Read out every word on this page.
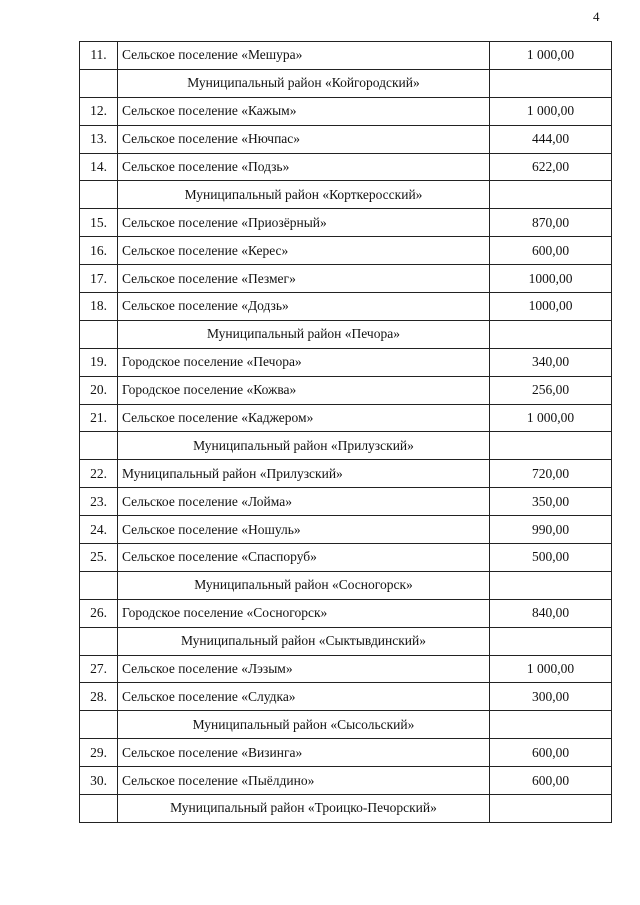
4
11.	Сельское поселение «Мешура»	1 000,00
	Муниципальный район «Койгородский»	
12.	Сельское поселение «Кажым»	1 000,00
13.	Сельское поселение «Нючпас»	444,00
14.	Сельское поселение «Подзь»	622,00
	Муниципальный район «Корткеросский»	
15.	Сельское поселение «Приозёрный»	870,00
16.	Сельское поселение «Керес»	600,00
17.	Сельское поселение «Пезмег»	1000,00
18.	Сельское поселение «Додзь»	1000,00
	Муниципальный район «Печора»	
19.	Городское поселение «Печора»	340,00
20.	Городское поселение «Кожва»	256,00
21.	Сельское поселение «Каджером»	1 000,00
	Муниципальный район «Прилузский»	
22.	Муниципальный район «Прилузский»	720,00
23.	Сельское поселение «Лойма»	350,00
24.	Сельское поселение «Ношуль»	990,00
25.	Сельское поселение «Спаспоруб»	500,00
	Муниципальный район «Сосногорск»	
26.	Городское поселение «Сосногорск»	840,00
	Муниципальный район «Сыктывдинский»	
27.	Сельское поселение «Лэзым»	1 000,00
28.	Сельское поселение «Слудка»	300,00
	Муниципальный район «Сысольский»	
29.	Сельское поселение «Визинга»	600,00
30.	Сельское поселение «Пыёлдино»	600,00
	Муниципальный район «Троицко-Печорский»	
